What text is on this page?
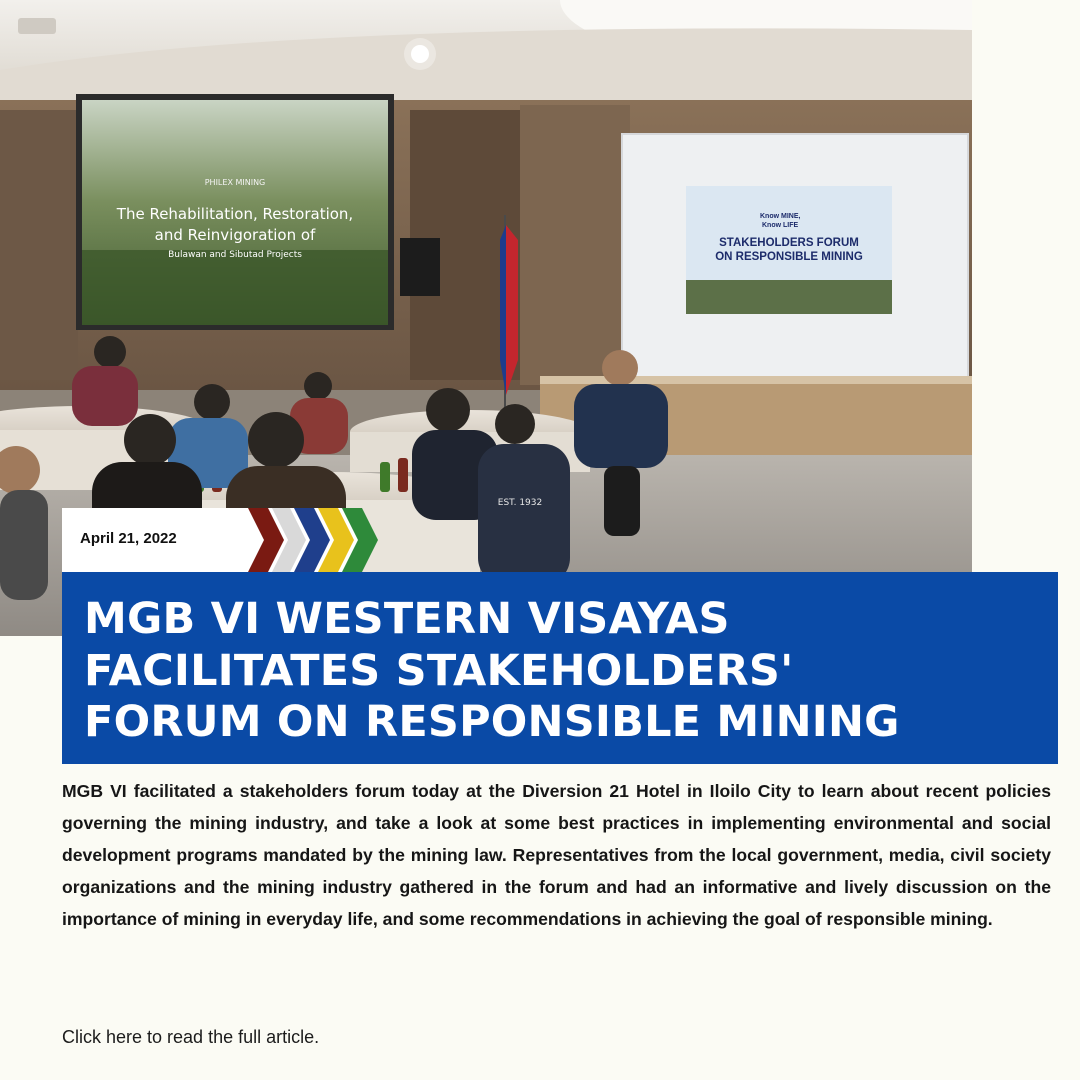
PHILEX MINING
The Rehabilitation, Restoration,
and Reinvigoration of
Bulawan and Sibutad Projects
Know MINE,
Know LIFE
STAKEHOLDERS FORUM
ON RESPONSIBLE MINING
EST. 1932
April 21, 2022
MGB VI WESTERN VISAYAS
FACILITATES STAKEHOLDERS'
FORUM ON RESPONSIBLE MINING

MGB VI facilitated a stakeholders forum today at the Diversion 21 Hotel in Iloilo City to learn about recent policies governing the mining industry, and take a look at some best practices in implementing environmental and social development programs mandated by the mining law. Representatives from the local government, media, civil society organizations and the mining industry gathered in the forum and had an informative and lively discussion on the importance of mining in everyday life, and some recommendations in achieving the goal of responsible mining.

Click here to read the full article.
